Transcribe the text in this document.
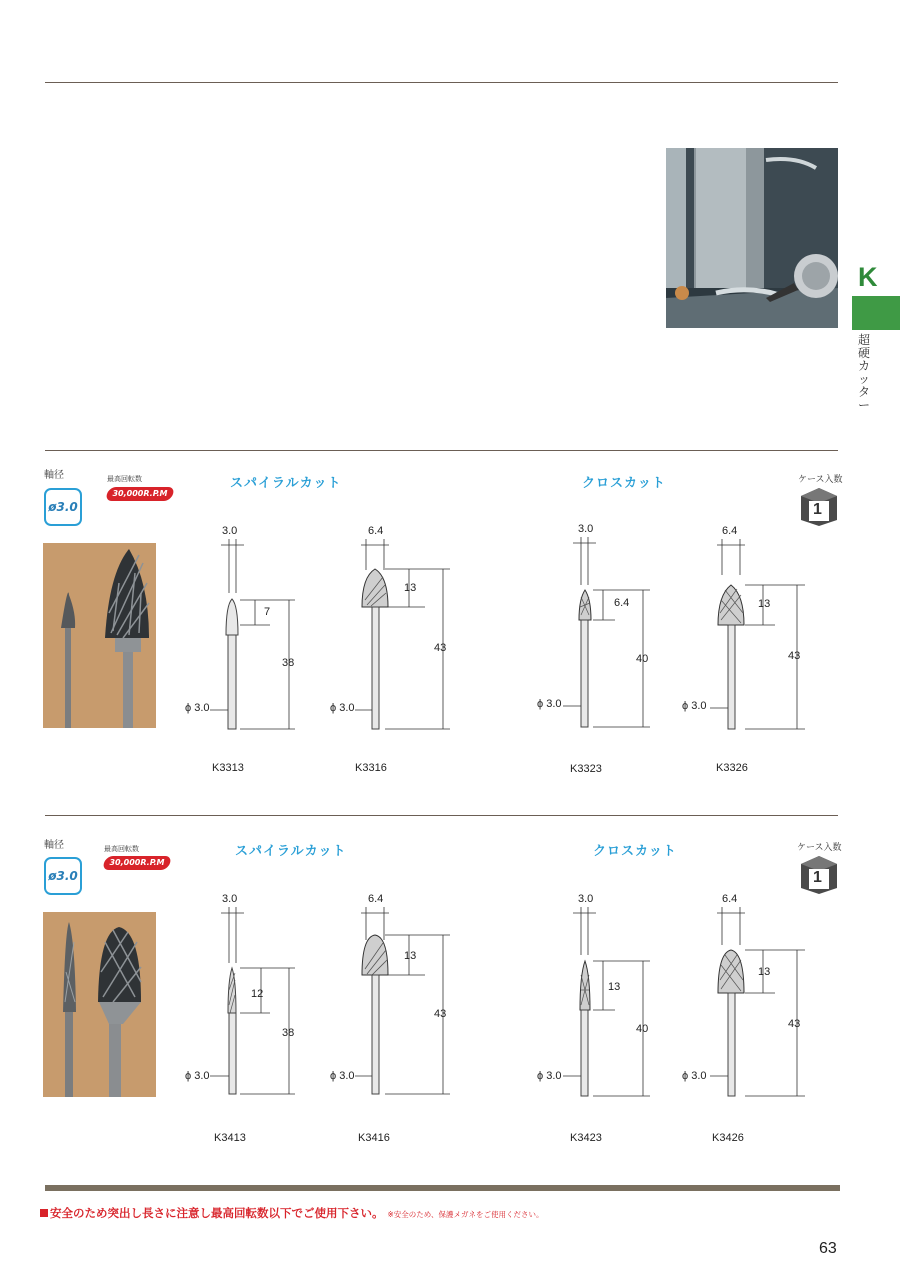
K
超硬カッター
軸径
ø3.0
最高回転数
30,000R.P.M
スパイラルカット	クロスカット	ケース入数
1
3.0
7
38
ϕ 3.0
K3313
6.4
13
43
ϕ 3.0
K3316
3.0
6.4
40
ϕ 3.0
K3323
6.4
13
43
ϕ 3.0
K3326
軸径
ø3.0
最高回転数
30,000R.P.M
スパイラルカット	クロスカット	ケース入数
1
3.0
12
38
ϕ 3.0
K3413
6.4
13
43
ϕ 3.0
K3416
3.0
13
40
ϕ 3.0
K3423
6.4
13
43
ϕ 3.0
K3426
安全のため突出し長さに注意し最高回転数以下でご使用下さい。 ※安全のため、保護メガネをご使用ください。
63
